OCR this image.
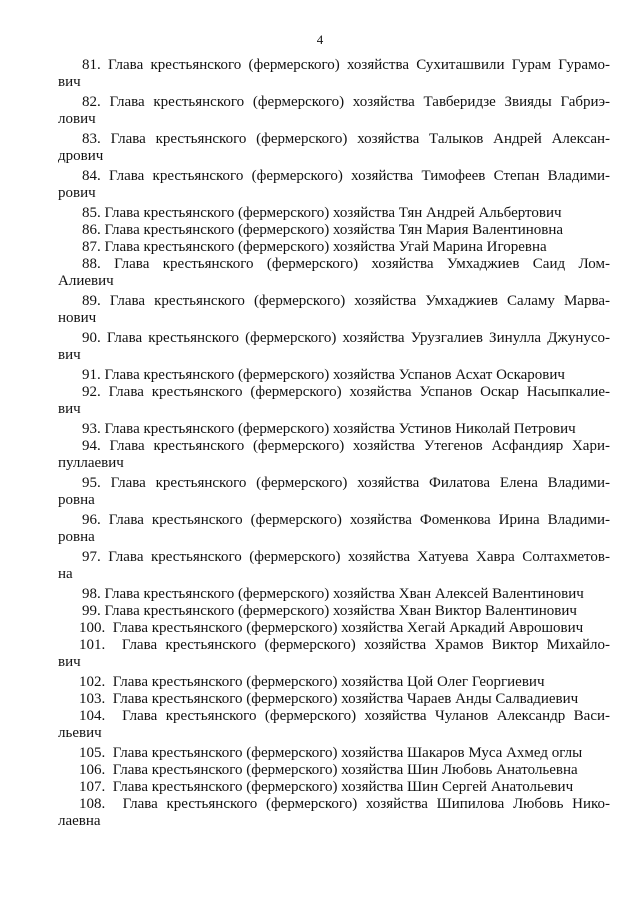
4
81. Глава крестьянского (фермерского) хозяйства Сухиташвили Гурам Гурамо-
вич
82. Глава крестьянского (фермерского) хозяйства Тавберидзе Звияды Габриэ-
лович
83. Глава крестьянского (фермерского) хозяйства Талыков Андрей Алексан-
дрович
84. Глава крестьянского (фермерского) хозяйства Тимофеев Степан Владими-
рович
85. Глава крестьянского (фермерского) хозяйства Тян Андрей Альбертович
86. Глава крестьянского (фермерского) хозяйства Тян Мария Валентиновна
87. Глава крестьянского (фермерского) хозяйства Угай Марина Игоревна
88. Глава крестьянского (фермерского) хозяйства Умхаджиев Саид Лом-
Алиевич
89. Глава крестьянского (фермерского) хозяйства Умхаджиев Саламу Марва-
нович
90. Глава крестьянского (фермерского) хозяйства Урузгалиев Зинулла Джунусо-
вич
91. Глава крестьянского (фермерского) хозяйства Успанов Асхат Оскарович
92. Глава крестьянского (фермерского) хозяйства Успанов Оскар Насыпкалие-
вич
93. Глава крестьянского (фермерского) хозяйства Устинов Николай Петрович
94. Глава крестьянского (фермерского) хозяйства Утегенов Асфандияр Хари-
пуллаевич
95. Глава крестьянского (фермерского) хозяйства Филатова Елена Владими-
ровна
96. Глава крестьянского (фермерского) хозяйства Фоменкова Ирина Владими-
ровна
97. Глава крестьянского (фермерского) хозяйства Хатуева Хавра Солтахметов-
на
98. Глава крестьянского (фермерского) хозяйства Хван Алексей Валентинович
99. Глава крестьянского (фермерского) хозяйства Хван Виктор Валентинович
100. Глава крестьянского (фермерского) хозяйства Хегай Аркадий Аврошович
101. Глава крестьянского (фермерского) хозяйства Храмов Виктор Михайло-
вич
102. Глава крестьянского (фермерского) хозяйства Цой Олег Георгиевич
103. Глава крестьянского (фермерского) хозяйства Чараев Анды Салвадиевич
104. Глава крестьянского (фермерского) хозяйства Чуланов Александр Васи-
льевич
105. Глава крестьянского (фермерского) хозяйства Шакаров Муса Ахмед оглы
106. Глава крестьянского (фермерского) хозяйства Шин Любовь Анатольевна
107. Глава крестьянского (фермерского) хозяйства Шин Сергей Анатольевич
108. Глава крестьянского (фермерского) хозяйства Шипилова Любовь Нико-
лаевна
